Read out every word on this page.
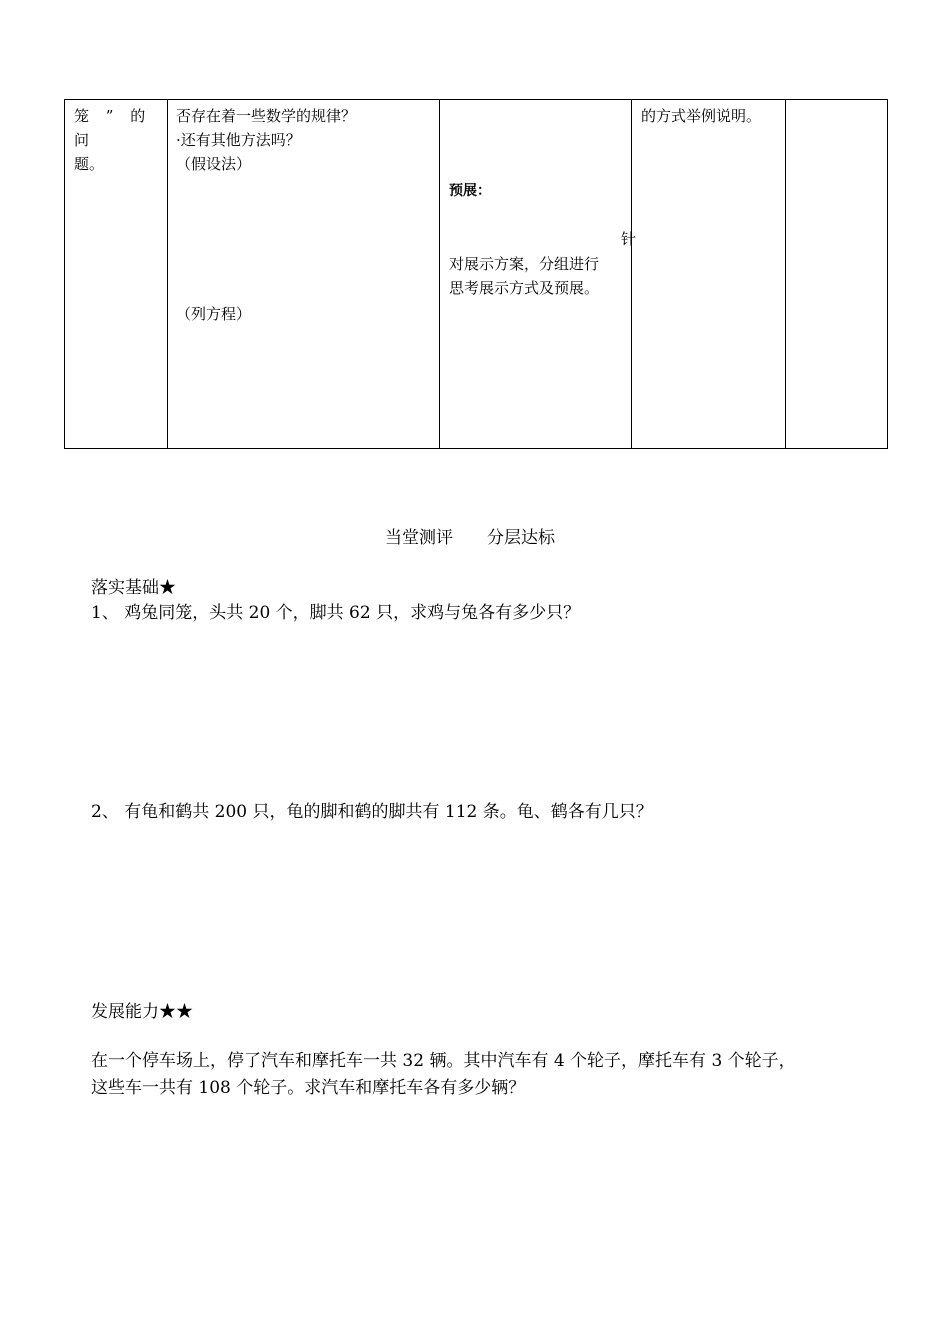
笼 ” 的 问
题。
否存在着一些数学的规律？
·还有其他方法吗？
（假设法）
（列方程）
预展：
针
对展示方案，分组进行
思考展示方式及预展。
的方式举例说明。
当堂测评　　分层达标
落实基础★
1、 鸡兔同笼，头共 20 个，脚共 62 只，求鸡与兔各有多少只？
2、 有龟和鹤共 200 只，龟的脚和鹤的脚共有 112 条。龟、鹤各有几只？
发展能力★★
在一个停车场上，停了汽车和摩托车一共 32 辆。其中汽车有 4 个轮子，摩托车有 3 个轮子，
这些车一共有 108 个轮子。求汽车和摩托车各有多少辆？
